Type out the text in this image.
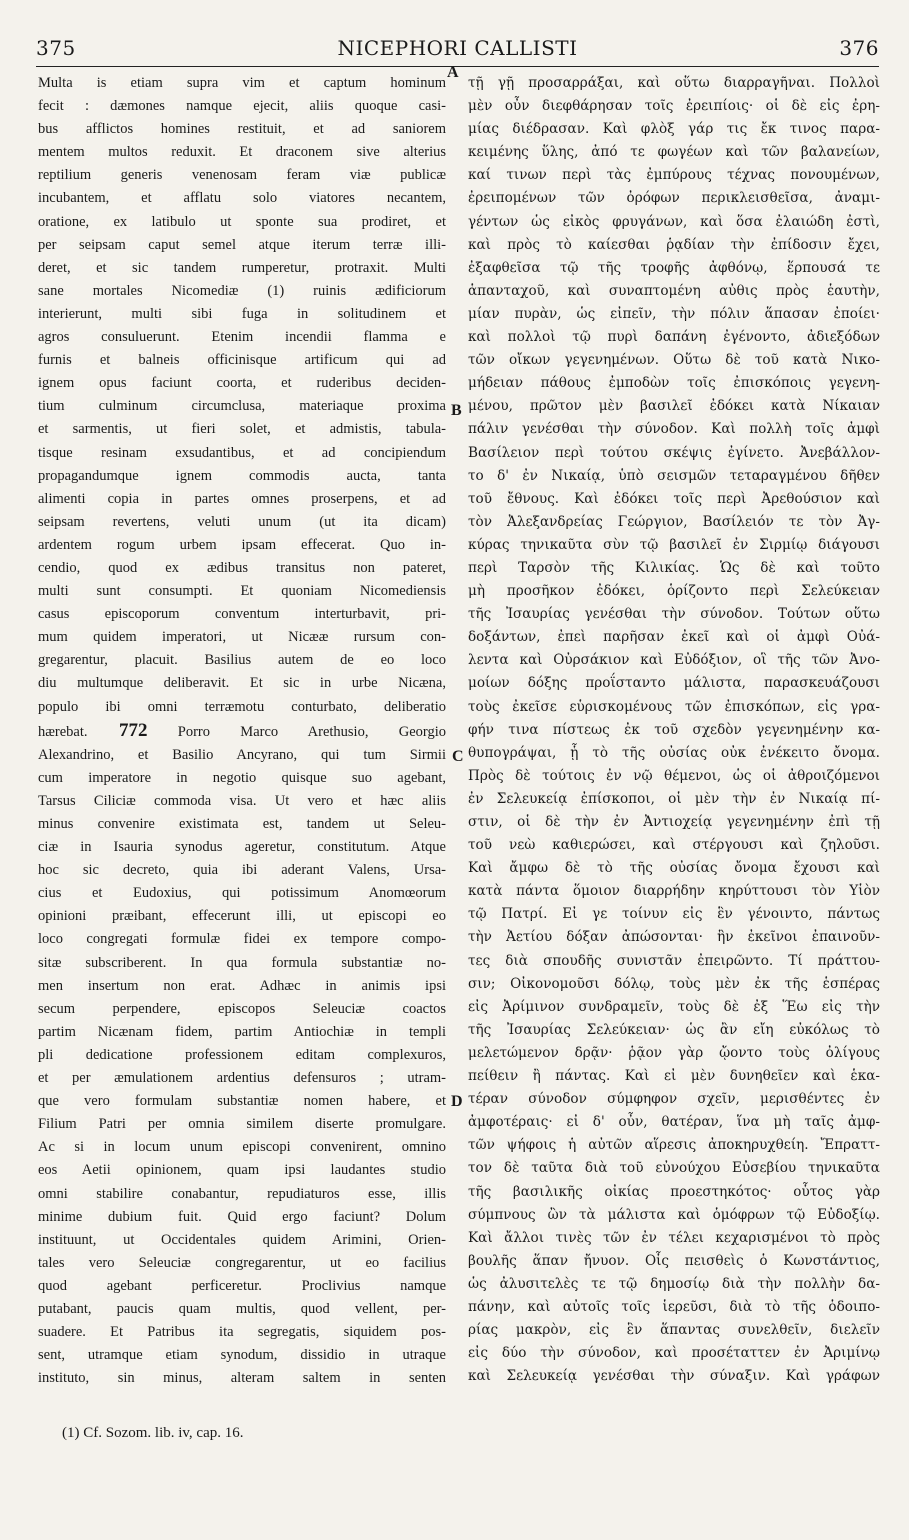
375	NICEPHORI CALLISTI	376
Multa is etiam supra vim et captum hominum
fecit : dæmones namque ejecit, aliis quoque casi-
bus afflictos homines restituit, et ad saniorem
mentem multos reduxit. Et draconem sive alterius
reptilium generis venenosam feram viæ publicæ
incubantem, et afflatu solo viatores necantem,
oratione, ex latibulo ut sponte sua prodiret, et
per seipsam caput semel atque iterum terræ illi-
deret, et sic tandem rumperetur, protraxit. Multi
sane mortales Nicomediæ (1) ruinis ædificiorum
interierunt, multi sibi fuga in solitudinem et
agros consuluerunt. Etenim incendii flamma e
furnis et balneis officinisque artificum qui ad
ignem opus faciunt coorta, et ruderibus deciden-
tium culminum circumclusa, materiaque proxima
et sarmentis, ut fieri solet, et admistis, tabula-
tisque resinam exsudantibus, et ad concipiendum
propagandumque ignem commodis aucta, tanta
alimenti copia in partes omnes proserpens, et ad
seipsam revertens, veluti unum (ut ita dicam)
ardentem rogum urbem ipsam effecerat. Quo in-
cendio, quod ex ædibus transitus non pateret,
multi sunt consumpti. Et quoniam Nicomediensis
casus episcoporum conventum interturbavit, pri-
mum quidem imperatori, ut Nicææ rursum con-
gregarentur, placuit. Basilius autem de eo loco
diu multumque deliberavit. Et sic in urbe Nicæna,
populo ibi omni terræmotu conturbato, deliberatio
hærebat. 772 Porro Marco Arethusio, Georgio
Alexandrino, et Basilio Ancyrano, qui tum Sirmii
cum imperatore in negotio quisque suo agebant,
Tarsus Ciliciæ commoda visa. Ut vero et hæc aliis
minus convenire existimata est, tandem ut Seleu-
ciæ in Isauria synodus ageretur, constitutum. Atque
hoc sic decreto, quia ibi aderant Valens, Ursa-
cius et Eudoxius, qui potissimum Anomœorum
opinioni præibant, effecerunt illi, ut episcopi eo
loco congregati formulæ fidei ex tempore compo-
sitæ subscriberent. In qua formula substantiæ no-
men insertum non erat. Adhæc in animis ipsi
secum perpendere, episcopos Seleuciæ coactos
partim Nicænam fidem, partim Antiochiæ in templi
pli dedicatione professionem editam complexuros,
et per æmulationem ardentius defensuros ; utram-
que vero formulam substantiæ nomen habere, et
Filium Patri per omnia similem diserte promulgare.
Ac si in locum unum episcopi convenirent, omnino
eos Aetii opinionem, quam ipsi laudantes studio
omni stabilire conabantur, repudiaturos esse, illis
minime dubium fuit. Quid ergo faciunt? Dolum
instituunt, ut Occidentales quidem Arimini, Orien-
tales vero Seleuciæ congregarentur, ut eo facilius
quod agebant perficeretur. Proclivius namque
putabant, paucis quam multis, quod vellent, per-
suadere. Et Patribus ita segregatis, siquidem pos-
sent, utramque etiam synodum, dissidio in utraque
instituto, sin minus, alteram saltem in senten
τῇ γῇ προσαρράξαι, καὶ οὕτω διαρραγῆναι. Πολλοὶ
μὲν οὖν διεφθάρησαν τοῖς ἐρειπίοις· οἱ δὲ εἰς ἐρη-
μίας διέδρασαν. Καὶ φλὸξ γάρ τις ἔκ τινος παρα-
κειμένης ὕλης, ἀπό τε φωγέων καὶ τῶν βαλανείων,
καί τινων περὶ τὰς ἐμπύρους τέχνας πονουμένων,
ἐρειπομένων τῶν ὀρόφων περικλεισθεῖσα, ἀναμι-
γέντων ὡς εἰκὸς φρυγάνων, καὶ ὅσα ἐλαιώδη ἐστὶ,
καὶ πρὸς τὸ καίεσθαι ῥᾳδίαν τὴν ἐπίδοσιν ἔχει,
ἐξαφθεῖσα τῷ τῆς τροφῆς ἀφθόνῳ, ἕρπουσά τε
ἁπανταχοῦ, καὶ συναπτομένη αὐθις πρὸς ἑαυτὴν,
μίαν πυρὰν, ὡς εἰπεῖν, τὴν πόλιν ἅπασαν ἐποίει·
καὶ πολλοὶ τῷ πυρὶ δαπάνη ἐγένοντο, ἀδιεξόδων
τῶν οἴκων γεγενημένων. Οὕτω δὲ τοῦ κατὰ Νικο-
μήδειαν πάθους ἐμποδὼν τοῖς ἐπισκόποις γεγενη-
μένου, πρῶτον μὲν βασιλεῖ ἐδόκει κατὰ Νίκαιαν
πάλιν γενέσθαι τὴν σύνοδον. Καὶ πολλὴ τοῖς ἀμφὶ
Βασίλειον περὶ τούτου σκέψις ἐγίνετο. Ἀνεβάλλον-
το δ' ἐν Νικαίᾳ, ὑπὸ σεισμῶν τεταραγμένου δῆθεν
τοῦ ἔθνους. Καὶ ἐδόκει τοῖς περὶ Ἀρεθούσιον καὶ
τὸν Ἀλεξανδρείας Γεώργιον, Βασίλειόν τε τὸν Ἀγ-
κύρας τηνικαῦτα σὺν τῷ βασιλεῖ ἐν Σιρμίῳ διάγουσι
περὶ Ταρσὸν τῆς Κιλικίας. Ὡς δὲ καὶ τοῦτο
μὴ προσῆκον ἐδόκει, ὁρίζοντο περὶ Σελεύκειαν
τῆς Ἰσαυρίας γενέσθαι τὴν σύνοδον. Τούτων οὕτω
δοξάντων, ἐπεὶ παρῆσαν ἐκεῖ καὶ οἱ ἀμφὶ Οὐά-
λεντα καὶ Οὐρσάκιον καὶ Εὐδόξιον, οἳ τῆς τῶν Ἀνο-
μοίων δόξης προΐσταντο μάλιστα, παρασκευάζουσι
τοὺς ἐκεῖσε εὑρισκομένους τῶν ἐπισκόπων, εἰς γρα-
φήν τινα πίστεως ἐκ τοῦ σχεδὸν γεγενημένην κα-
θυπογράψαι, ᾗ τὸ τῆς οὐσίας οὐκ ἐνέκειτο ὄνομα.
Πρὸς δὲ τούτοις ἐν νῷ θέμενοι, ὡς οἱ ἀθροιζόμενοι
ἐν Σελευκείᾳ ἐπίσκοποι, οἱ μὲν τὴν ἐν Νικαίᾳ πί-
στιν, οἱ δὲ τὴν ἐν Ἀντιοχείᾳ γεγενημένην ἐπὶ τῇ
τοῦ νεὼ καθιερώσει, καὶ στέργουσι καὶ ζηλοῦσι.
Καὶ ἄμφω δὲ τὸ τῆς οὐσίας ὄνομα ἔχουσι καὶ
κατὰ πάντα ὅμοιον διαρρήδην κηρύττουσι τὸν Υἱὸν
τῷ Πατρί. Εἰ γε τοίνυν εἰς ἓν γένοιντο, πάντως
τὴν Ἀετίου δόξαν ἀπώσονται· ἣν ἐκεῖνοι ἐπαινοῦν-
τες διὰ σπουδῆς συνιστᾶν ἐπειρῶντο. Τί πράττου-
σιν; Οἰκονομοῦσι δόλῳ, τοὺς μὲν ἐκ τῆς ἑσπέρας
εἰς Ἀρίμινον συνδραμεῖν, τοὺς δὲ ἐξ Ἕω εἰς τὴν
τῆς Ἰσαυρίας Σελεύκειαν· ὡς ἂν εἴη εὐκόλως τὸ
μελετώμενον δρᾷν· ῥᾷον γὰρ ᾤοντο τοὺς ὀλίγους
πείθειν ἢ πάντας. Καὶ εἰ μὲν δυνηθεῖεν καὶ ἑκα-
τέραν σύνοδον σύμφηφον σχεῖν, μερισθέντες ἐν
ἀμφοτέραις· εἰ δ' οὖν, θατέραν, ἵνα μὴ ταῖς ἀμφ-
τῶν ψήφοις ἡ αὐτῶν αἵρεσις ἀποκηρυχθείη. Ἔπραττ-
τον δὲ ταῦτα διὰ τοῦ εὐνούχου Εὐσεβίου τηνικαῦτα
τῆς βασιλικῆς οἰκίας προεστηκότος· οὗτος γὰρ
σύμπνους ὢν τὰ μάλιστα καὶ ὁμόφρων τῷ Εὐδοξίῳ.
Καὶ ἄλλοι τινὲς τῶν ἐν τέλει κεχαρισμένοι τὸ πρὸς
βουλῆς ἅπαν ἤνυον. Οἷς πεισθεὶς ὁ Κωνστάντιος,
ὡς ἀλυσιτελὲς τε τῷ δημοσίῳ διὰ τὴν πολλὴν δα-
πάνην, καὶ αὐτοῖς τοῖς ἱερεῦσι, διὰ τὸ τῆς ὁδοιπο-
ρίας μακρὸν, εἰς ἓν ἅπαντας συνελθεῖν, διελεῖν
εἰς δύο τὴν σύνοδον, καὶ προσέταττεν ἐν Ἀριμίνῳ
καὶ Σελευκείᾳ γενέσθαι τὴν σύναξιν. Καὶ γράφων
A
B
C
D
(1) Cf. Sozom. lib. iv, cap. 16.
